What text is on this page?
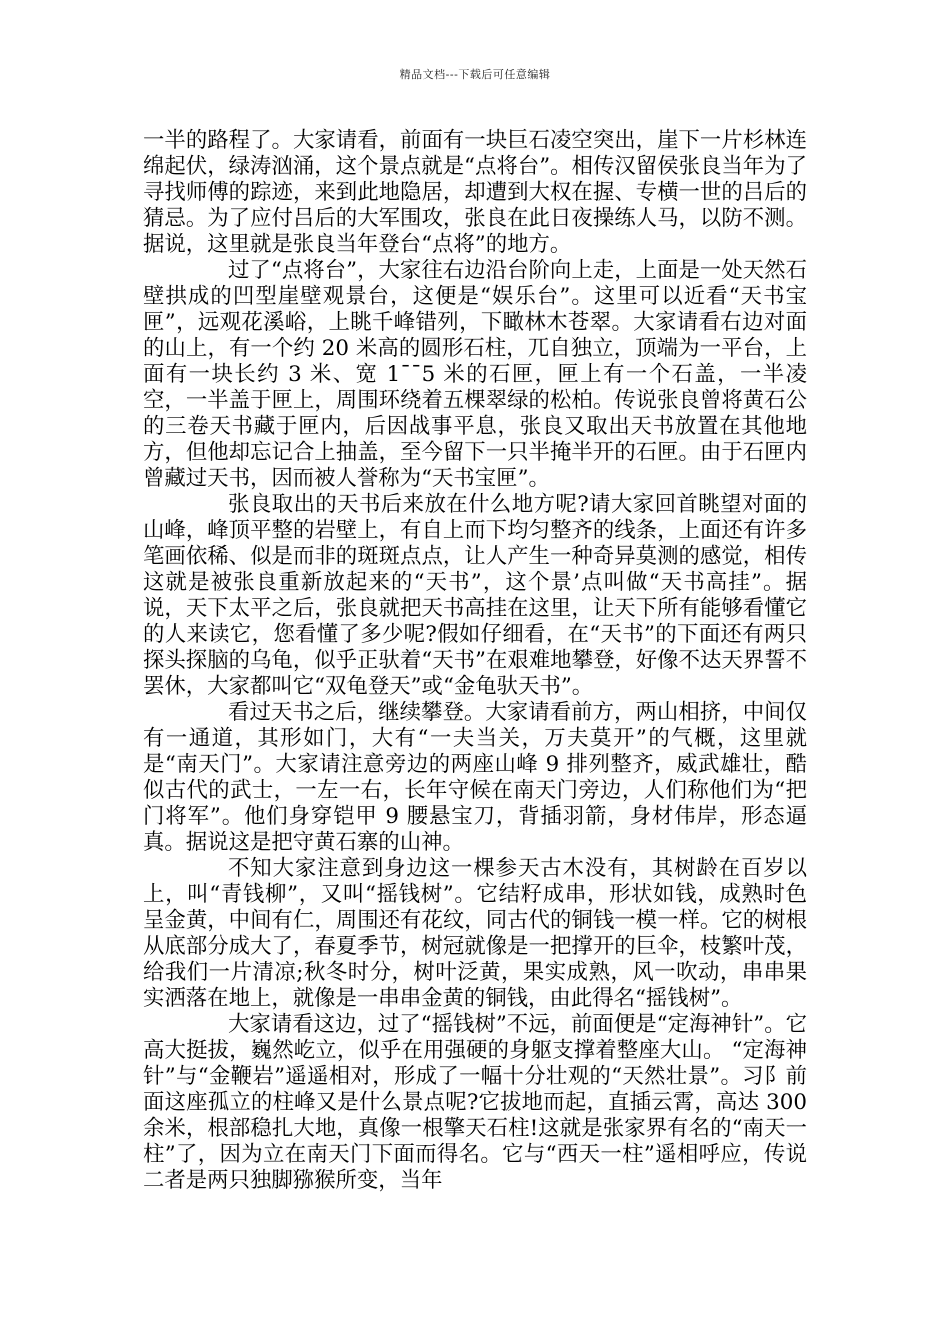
精品文档---下载后可任意编辑

一半的路程了。大家请看，前面有一块巨石凌空突出，崖下一片杉林连绵起伏，绿涛汹涌，这个景点就是“点将台”。相传汉留侯张良当年为了寻找师傅的踪迹，来到此地隐居，却遭到大权在握、专横一世的吕后的猜忌。为了应付吕后的大军围攻，张良在此日夜操练人马，以防不测。据说，这里就是张良当年登台“点将”的地方。

过了“点将台”，大家往右边沿台阶向上走，上面是一处天然石壁拱成的凹型崖壁观景台，这便是“娱乐台”。这里可以近看“天书宝匣”，远观花溪峪，上眺千峰错列，下瞰林木苍翠。大家请看右边对面的山上，有一个约 20 米高的圆形石柱，兀自独立，顶端为一平台，上面有一块长约 3 米、宽 1¯¯5 米的石匣，匣上有一个石盖，一半凌空，一半盖于匣上，周围环绕着五棵翠绿的松柏。传说张良曾将黄石公的三卷天书藏于匣内，后因战事平息，张良又取出天书放置在其他地方，但他却忘记合上抽盖，至今留下一只半掩半开的石匣。由于石匣内曾藏过天书，因而被人誉称为“天书宝匣”。

张良取出的天书后来放在什么地方呢?请大家回首眺望对面的山峰，峰顶平整的岩壁上，有自上而下均匀整齐的线条，上面还有许多笔画依稀、似是而非的斑斑点点，让人产生一种奇异莫测的感觉，相传这就是被张良重新放起来的“天书”，这个景’点叫做“天书高挂”。据说，天下太平之后，张良就把天书高挂在这里，让天下所有能够看懂它的人来读它，您看懂了多少呢?假如仔细看，在“天书”的下面还有两只探头探脑的乌龟，似乎正驮着“天书”在艰难地攀登，好像不达天界誓不罢休，大家都叫它“双龟登天”或“金龟驮天书”。

看过天书之后，继续攀登。大家请看前方，两山相挤，中间仅有一通道，其形如门，大有“一夫当关，万夫莫开”的气概，这里就是“南天门”。大家请注意旁边的两座山峰 9 排列整齐，威武雄壮，酷似古代的武士，一左一右，长年守候在南天门旁边，人们称他们为“把门将军”。他们身穿铠甲 9 腰悬宝刀，背插羽箭，身材伟岸，形态逼真。据说这是把守黄石寨的山神。

不知大家注意到身边这一棵参天古木没有，其树龄在百岁以上，叫“青钱柳”，又叫“摇钱树”。它结籽成串，形状如钱，成熟时色呈金黄，中间有仁，周围还有花纹，同古代的铜钱一模一样。它的树根从底部分成大了，春夏季节，树冠就像是一把撑开的巨伞，枝繁叶茂，给我们一片清凉;秋冬时分，树叶泛黄，果实成熟，风一吹动，串串果实洒落在地上，就像是一串串金黄的铜钱，由此得名“摇钱树”。

大家请看这边，过了“摇钱树”不远，前面便是“定海神针”。它高大挺拔，巍然屹立，似乎在用强硬的身躯支撑着整座大山。 “定海神针”与“金鞭岩”遥遥相对，形成了一幅十分壮观的“天然壮景”。习阝前面这座孤立的柱峰又是什么景点呢?它拔地而起，直插云霄，高达 300 余米，根部稳扎大地，真像一根擎天石柱!这就是张家界有名的“南天一柱”了，因为立在南天门下面而得名。它与“西天一柱”遥相呼应，传说二者是两只独脚猕猴所变，当年
